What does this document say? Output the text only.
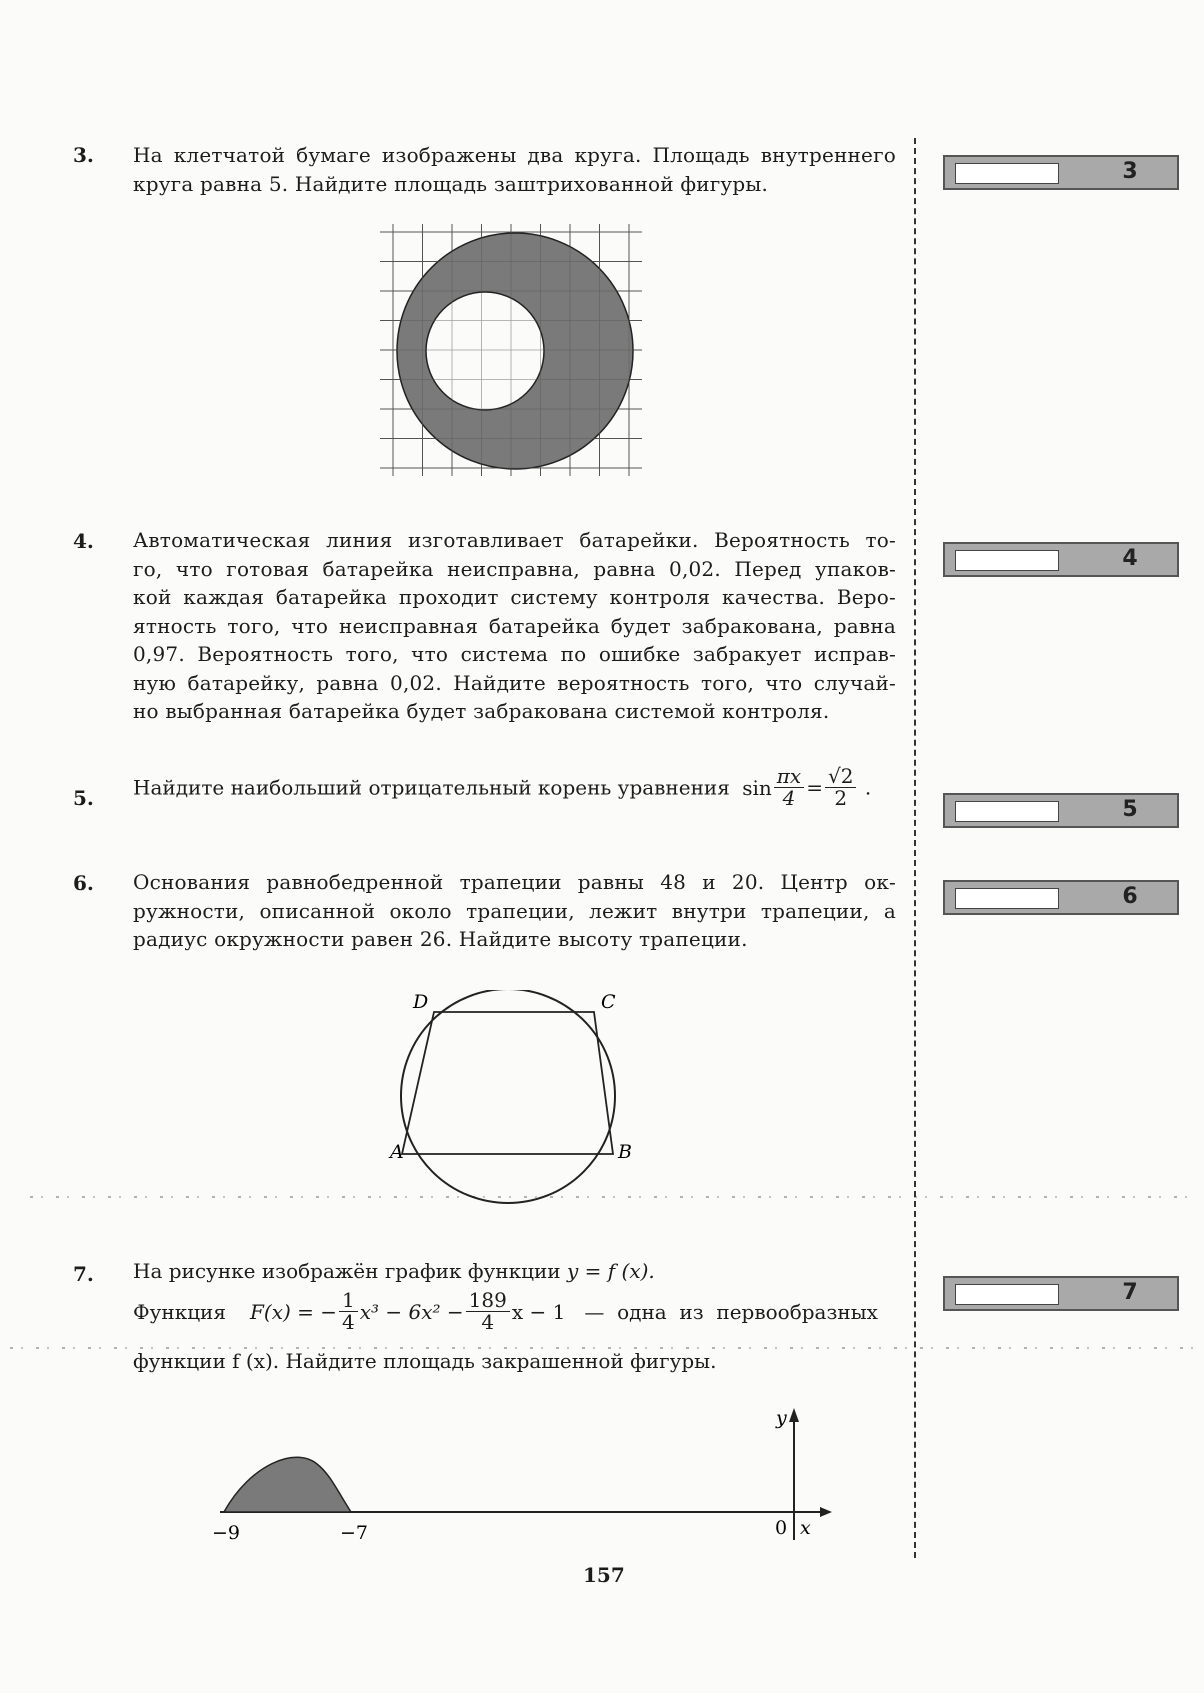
3. На клетчатой бумаге изображены два круга. Площадь внутреннего
круга равна 5. Найдите площадь заштрихованной фигуры.	3
4. Автоматическая линия изготавливает батарейки. Вероятность то-
го, что готовая батарейка неисправна, равна 0,02. Перед упаков-
кой каждая батарейка проходит систему контроля качества. Веро-
ятность того, что неисправная батарейка будет забракована, равна
0,97. Вероятность того, что система по ошибке забракует исправ-
ную батарейку, равна 0,02. Найдите вероятность того, что случай-
но выбранная батарейка будет забракована системой контроля.
4
5. Найдите наибольший отрицательный корень уравнения $\sin \frac{\pi x}{4} = \frac{√2}{2}$ .
5
6. Основания равнобедренной трапеции равны 48 и 20. Центр ок-
ружности, описанной около трапеции, лежит внутри трапеции, а
радиус окружности равен 26. Найдите высоту трапеции.
6
D	C
A	B
7. На рисунке изображён график функции y = f (x).
Функция F(x) = − $\frac{1}{4} x^3 - 6x^2 - \frac{189}{4}$ x − 1   —  одна  из  первообразных
функции f (x). Найдите площадь закрашенной фигуры.
7
y
x
0
−9	−7
157
